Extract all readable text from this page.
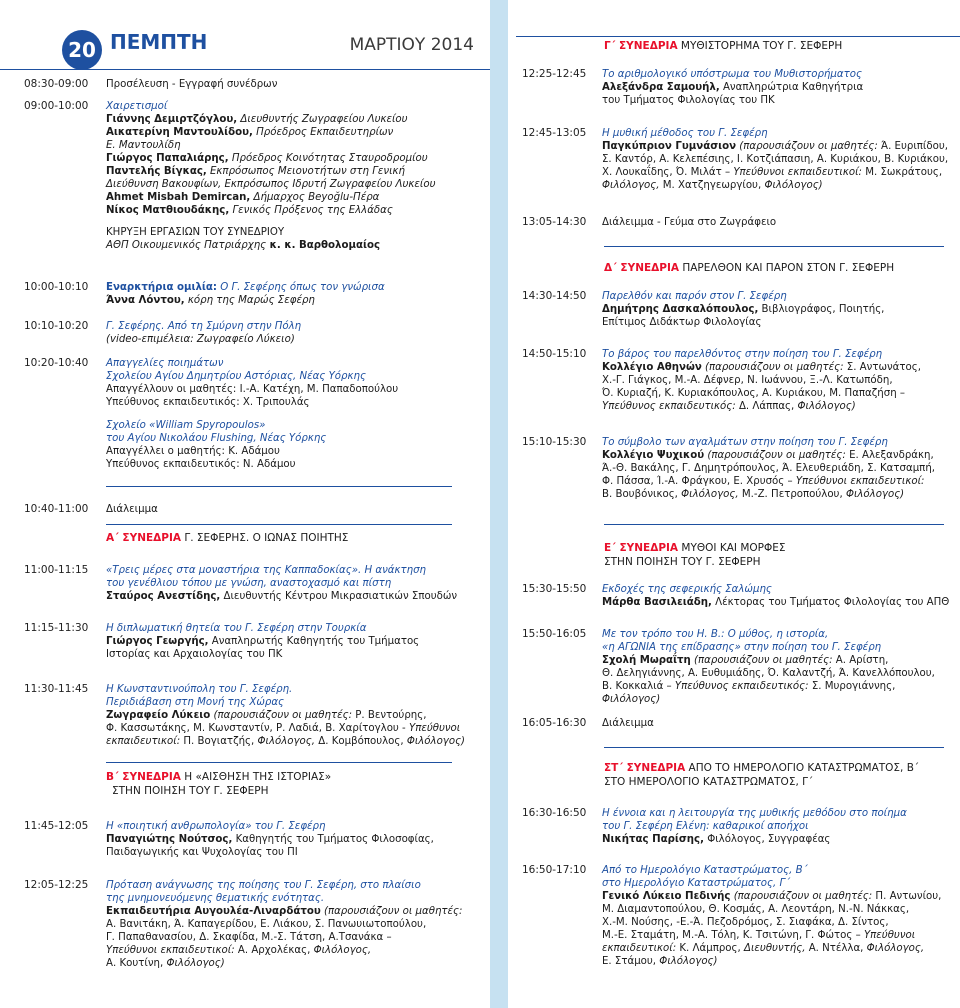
20 ΠΕΜΠΤΗ	ΜΑΡΤΙΟΥ 2014
08:30-09:00	Προσέλευση - Εγγραφή συνέδρων
09:00-10:00	Χαιρετισμοί
Γιάννης Δεμιρτζόγλου, Διευθυντής Ζωγραφείου Λυκείου
Αικατερίνη Μαντουλίδου, Πρόεδρος Εκπαιδευτηρίων
Ε. Μαντουλίδη
Γιώργος Παπαλιάρης, Πρόεδρος Κοινότητας Σταυροδρομίου
Παντελής Βίγκας, Εκπρόσωπος Μειονοτήτων στη Γενική
Διεύθυνση Βακουφίων, Εκπρόσωπος Ιδρυτή Ζωγραφείου Λυκείου
Ahmet Misbah Demircan, Δήμαρχος Beyoğlu-Πέρα
Νίκος Ματθιουδάκης, Γενικός Πρόξενος της Ελλάδας
ΚΗΡΥΞΗ ΕΡΓΑΣΙΩΝ ΤΟΥ ΣΥΝΕΔΡΙΟΥ
ΑΘΠ Οικουμενικός Πατριάρχης κ. κ. Βαρθολομαίος
10:00-10:10	Εναρκτήρια ομιλία: Ο Γ. Σεφέρης όπως τον γνώρισα
Άννα Λόντου, κόρη της Μαρώς Σεφέρη
10:10-10:20	Γ. Σεφέρης. Από τη Σμύρνη στην Πόλη
(video-επιμέλεια: Ζωγραφείο Λύκειο)
10:20-10:40	Απαγγελίες ποιημάτων
Σχολείου Αγίου Δημητρίου Αστόριας, Νέας Υόρκης
Απαγγέλλουν οι μαθητές: Ι.-Α. Κατέχη, Μ. Παπαδοπούλου
Υπεύθυνος εκπαιδευτικός: Χ. Τριπουλάς
Σχολείο «William Spyropoulos»
του Αγίου Νικολάου Flushing, Νέας Υόρκης
Απαγγέλλει ο μαθητής: Κ. Αδάμου
Υπεύθυνος εκπαιδευτικός: Ν. Αδάμου
10:40-11:00	Διάλειμμα
Α΄ ΣΥΝΕΔΡΙΑ Γ. ΣΕΦΕΡΗΣ. Ο ΙΩΝΑΣ ΠΟΙΗΤΗΣ
11:00-11:15	«Τρεις μέρες στα μοναστήρια της Καππαδοκίας». Η ανάκτηση
του γενέθλιου τόπου με γνώση, αναστοχασμό και πίστη
Σταύρος Ανεστίδης, Διευθυντής Κέντρου Μικρασιατικών Σπουδών
11:15-11:30	Η διπλωματική θητεία του Γ. Σεφέρη στην Τουρκία
Γιώργος Γεωργής, Αναπληρωτής Καθηγητής του Τμήματος
Ιστορίας και Αρχαιολογίας του ΠΚ
11:30-11:45	Η Κωνσταντινούπολη του Γ. Σεφέρη.
Περιδιάβαση στη Μονή της Χώρας
Ζωγραφείο Λύκειο (παρουσιάζουν οι μαθητές: Ρ. Βεντούρης,
Φ. Κασσωτάκης, Μ. Κωνσταντίν, Ρ. Λαδιά, Β. Χαρίτογλου - Υπεύθυνοι
εκπαιδευτικοί: Π. Βογιατζής, Φιλόλογος, Δ. Κομβόπουλος, Φιλόλογος)
Β΄ ΣΥΝΕΔΡΙΑ Η «ΑΙΣΘΗΣΗ ΤΗΣ ΙΣΤΟΡΙΑΣ»
ΣΤΗΝ ΠΟΙΗΣΗ ΤΟΥ Γ. ΣΕΦΕΡΗ
11:45-12:05	Η «ποιητική ανθρωπολογία» του Γ. Σεφέρη
Παναγιώτης Νούτσος, Καθηγητής του Τμήματος Φιλοσοφίας,
Παιδαγωγικής και Ψυχολογίας του ΠΙ
12:05-12:25	Πρόταση ανάγνωσης της ποίησης του Γ. Σεφέρη, στο πλαίσιο
της μνημονευόμενης θεματικής ενότητας.
Εκπαιδευτήρια Αυγουλέα-Λιναρδάτου (παρουσιάζουν οι μαθητές:
Α. Βανιτάκη, Ά. Καπαγερίδου, Ε. Λιάκου, Σ. Πανωυιωτοπούλου,
Γ. Παπαθανασίου, Δ. Σκαφίδα, Μ.-Σ. Τάτση, Α.Τσανάκα –
Υπεύθυνοι εκπαιδευτικοί: Α. Αρχολέκας, Φιλόλογος,
Α. Κουτίνη, Φιλόλογος)
Γ΄ ΣΥΝΕΔΡΙΑ ΜΥΘΙΣΤΟΡΗΜΑ ΤΟΥ Γ. ΣΕΦΕΡΗ
12:25-12:45	Το αριθμολογικό υπόστρωμα του Μυθιστορήματος
Αλεξάνδρα Σαμουήλ, Αναπληρώτρια Καθηγήτρια
του Τμήματος Φιλολογίας του ΠΚ
12:45-13:05	Η μυθική μέθοδος του Γ. Σεφέρη
Παγκύπριον Γυμνάσιον (παρουσιάζουν οι μαθητές: Ά. Ευριπίδου,
Σ. Καντόρ, Α. Κελεπέσιης, Ι. Κοτζιάπασιη, Α. Κυριάκου, Β. Κυριάκου,
Χ. Λουκαΐδης, Ό. Μιλάτ – Υπεύθυνοι εκπαιδευτικοί: Μ. Σωκράτους,
Φιλόλογος, Μ. Χατζηγεωργίου, Φιλόλογος)
13:05-14:30	Διάλειμμα - Γεύμα στο Ζωγράφειο
Δ΄ ΣΥΝΕΔΡΙΑ ΠΑΡΕΛΘΟΝ ΚΑΙ ΠΑΡΟΝ ΣΤΟΝ Γ. ΣΕΦΕΡΗ
14:30-14:50	Παρελθόν και παρόν στον Γ. Σεφέρη
Δημήτρης Δασκαλόπουλος, Βιβλιογράφος, Ποιητής,
Επίτιμος Διδάκτωρ Φιλολογίας
14:50-15:10	Το βάρος του παρελθόντος στην ποίηση του Γ. Σεφέρη
Κολλέγιο Αθηνών (παρουσιάζουν οι μαθητές: Σ. Αντωνάτος,
Χ.-Γ. Γιάγκος, Μ.-Α. Δέφνερ, Ν. Ιωάννου, Ξ.-Λ. Κατωπόδη,
Ό. Κυριαζή, Κ. Κυριακόπουλος, Α. Κυριάκου, Μ. Παπαζήση –
Υπεύθυνος εκπαιδευτικός: Δ. Λάππας, Φιλόλογος)
15:10-15:30	Το σύμβολο των αγαλμάτων στην ποίηση του Γ. Σεφέρη
Κολλέγιο Ψυχικού (παρουσιάζουν οι μαθητές: Ε. Αλεξανδράκη,
Ά.-Θ. Βακάλης, Γ. Δημητρόπουλος, Ά. Ελευθεριάδη, Σ. Κατσαμπή,
Φ. Πάσσα, Ί.-Α. Φράγκου, Ε. Χρυσός – Υπεύθυνοι εκπαιδευτικοί:
Β. Βουβόνικος, Φιλόλογος, Μ.-Ζ. Πετροπούλου, Φιλόλογος)
Ε΄ ΣΥΝΕΔΡΙΑ ΜΥΘΟΙ ΚΑΙ ΜΟΡΦΕΣ
ΣΤΗΝ ΠΟΙΗΣΗ ΤΟΥ Γ. ΣΕΦΕΡΗ
15:30-15:50	Εκδοχές της σεφερικής Σαλώμης
Μάρθα Βασιλειάδη, Λέκτορας του Τμήματος Φιλολογίας του ΑΠΘ
15:50-16:05	Με τον τρόπο του Η. Β.: Ο μύθος, η ιστορία,
«η ΑΓΩΝΙΑ της επίδρασης» στην ποίηση του Γ. Σεφέρη
Σχολή Μωραΐτη (παρουσιάζουν οι μαθητές: Α. Αρίστη,
Θ. Δεληγιάννης, Α. Ευθυμιάδης, Ό. Καλαντζή, Ά. Κανελλόπουλου,
Β. Κοκκαλιά – Υπεύθυνος εκπαιδευτικός: Σ. Μυρογιάννης, Φιλόλογος)
16:05-16:30	Διάλειμμα
ΣΤ΄ ΣΥΝΕΔΡΙΑ ΑΠΟ ΤΟ ΗΜΕΡΟΛΟΓΙΟ ΚΑΤΑΣΤΡΩΜΑΤΟΣ, Β΄
ΣΤΟ ΗΜΕΡΟΛΟΓΙΟ ΚΑΤΑΣΤΡΩΜΑΤΟΣ, Γ΄
16:30-16:50	Η έννοια και η λειτουργία της μυθικής μεθόδου στο ποίημα
του Γ. Σεφέρη Ελένη: καθαρικοί αποήχοι
Νικήτας Παρίσης, Φιλόλογος, Συγγραφέας
16:50-17:10	Από το Ημερολόγιο Καταστρώματος, Β΄
στο Ημερολόγιο Καταστρώματος, Γ΄
Γενικό Λύκειο Πεδινής (παρουσιάζουν οι μαθητές: Π. Αντωνίου,
Μ. Διαμαντοπούλου, Θ. Κοσμάς, Α. Λεοντάρη, Ν.-Ν. Νάκκας,
Χ.-Μ. Νούσης, -Ε.-Ά. Πεζοδρόμος, Σ. Σιαφάκα, Δ. Σίντος,
Μ.-Ε. Σταμάτη, Μ.-Α. Τόλη, Κ. Τσιτώνη, Γ. Φώτος – Υπεύθυνοι
εκπαιδευτικοί: Κ. Λάμπρος, Διευθυντής, Α. Ντέλλα, Φιλόλογος,
Ε. Στάμου, Φιλόλογος)
